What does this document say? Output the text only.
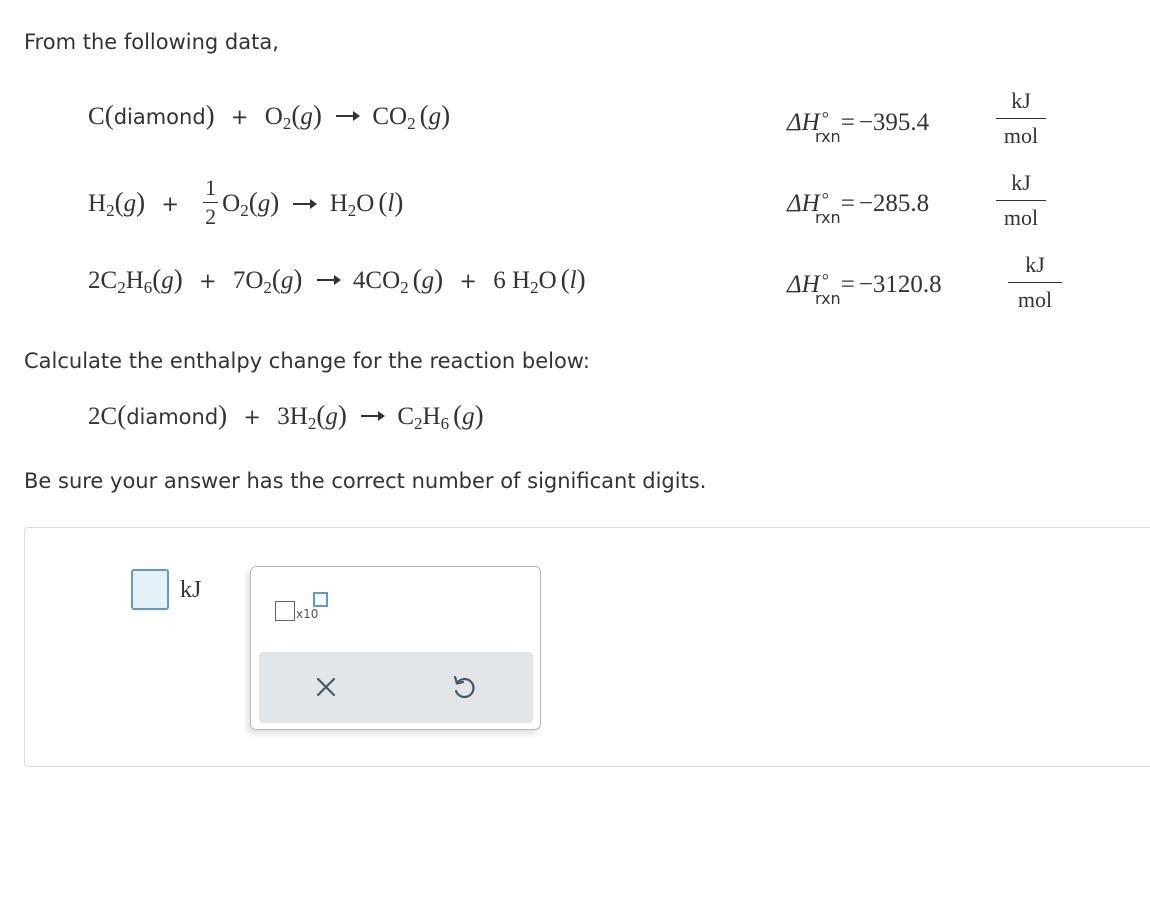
From the following data,
C(diamond) + $O_2(g) \to CO_2$ (g)	ΔH °$_{rxn}$= −395.4
kJ
mol
$H_2(g) + \frac{1}{2} O_2(g) \to H_2O$ (l)	ΔH °$_{rxn}$= −285.8
kJ
mol
$2C_2H_6(g) + 7O_2(g) \to 4CO_2$ (g) + 6 $H_2O$ (l)	ΔH °$_{rxn}$= −3120.8
kJ
mol
Calculate the enthalpy change for the reaction below:
2C(diamond) + $3H_2(g) \to C_2H_6$ (g)
Be sure your answer has the correct number of significant digits.
kJ
x10
